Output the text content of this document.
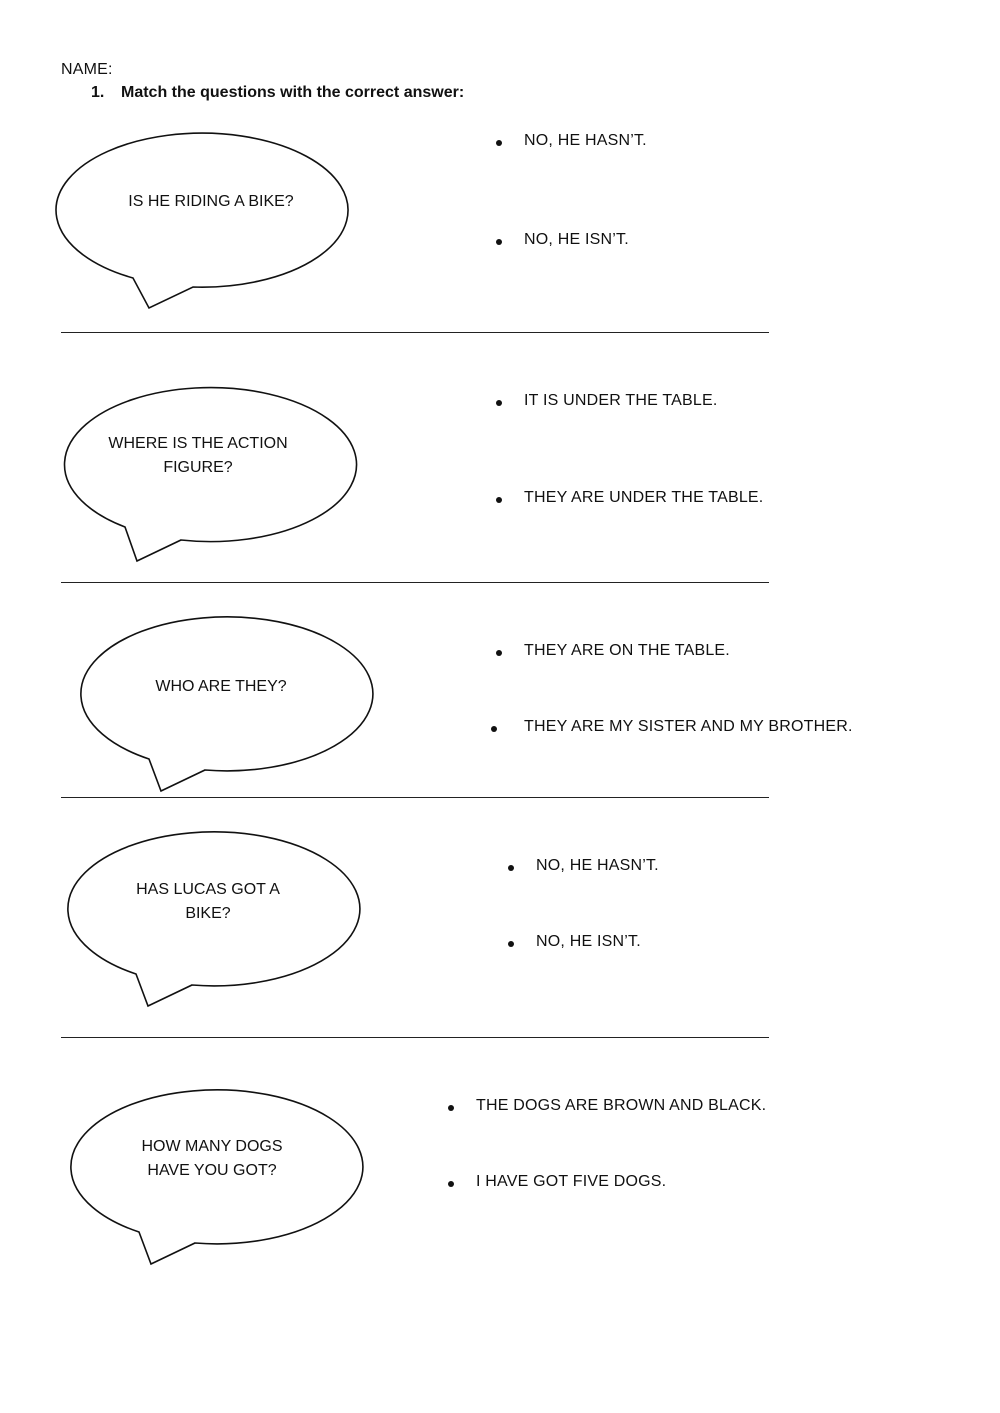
NAME:
1. Match the questions with the correct answer:
IS HE RIDING A BIKE?
NO, HE HASN’T.
NO, HE ISN’T.
WHERE IS THE ACTION
FIGURE?
IT IS UNDER THE TABLE.
THEY ARE UNDER THE TABLE.
WHO ARE THEY?
THEY ARE ON THE TABLE.
THEY ARE MY SISTER AND MY BROTHER.
HAS LUCAS GOT A
BIKE?
NO, HE HASN’T.
NO, HE ISN’T.
HOW MANY DOGS
HAVE YOU GOT?
THE DOGS ARE BROWN AND BLACK.
I HAVE GOT FIVE DOGS.
